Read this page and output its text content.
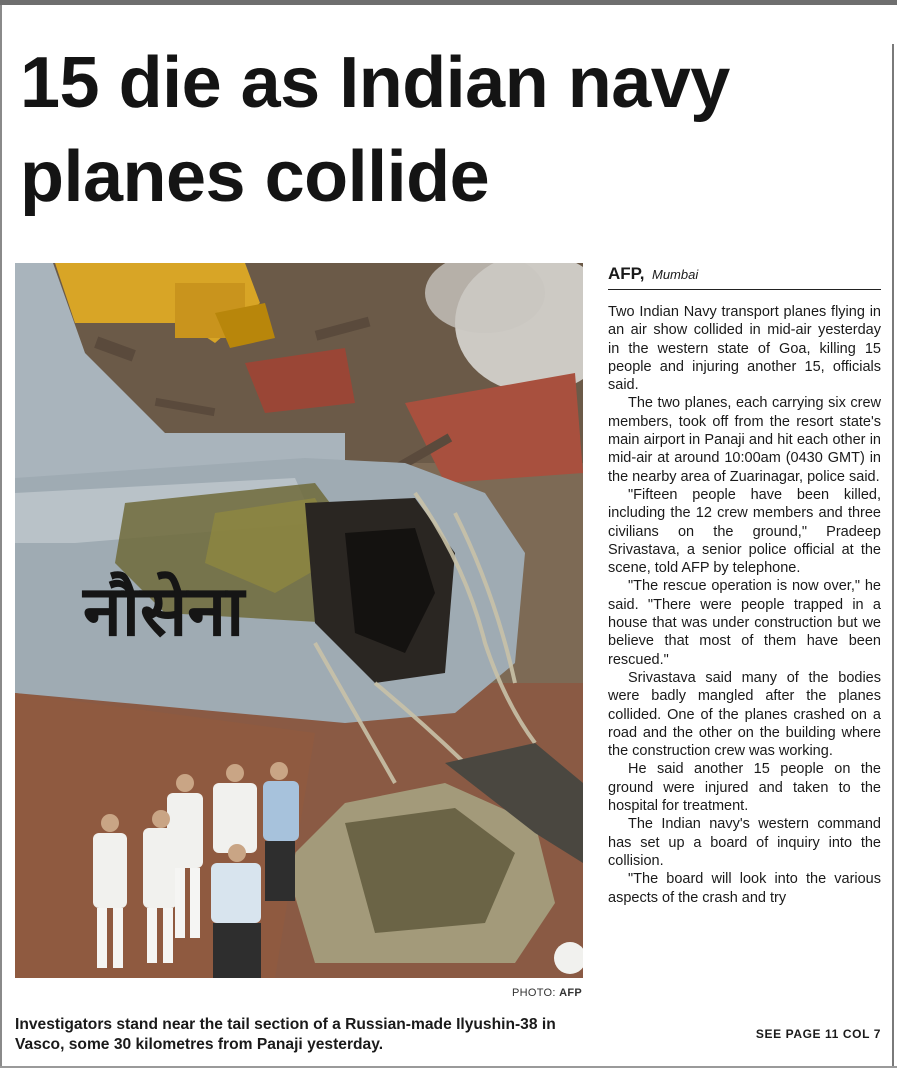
15 die as Indian navy planes collide
नौसेना
PHOTO: AFP

Investigators stand near the tail section of a Russian-made Ilyushin-38 in Vasco, some 30 kilometres from Panaji yesterday.

AFP, Mumbai

Two Indian Navy transport planes flying in an air show collided in mid-air yesterday in the western state of Goa, killing 15 people and injuring another 15, officials said.

The two planes, each carrying six crew members, took off from the resort state's main airport in Panaji and hit each other in mid-air at around 10:00am (0430 GMT) in the nearby area of Zuarinagar, police said.

"Fifteen people have been killed, including the 12 crew members and three civilians on the ground," Pradeep Srivastava, a senior police official at the scene, told AFP by telephone.

"The rescue operation is now over," he said. "There were people trapped in a house that was under construction but we believe that most of them have been rescued."

Srivastava said many of the bodies were badly mangled after the planes collided. One of the planes crashed on a road and the other on the building where the construction crew was working.

He said another 15 people on the ground were injured and taken to the hospital for treatment.

The Indian navy's western command has set up a board of inquiry into the collision.

"The board will look into the various aspects of the crash and try

SEE PAGE 11 COL 7
